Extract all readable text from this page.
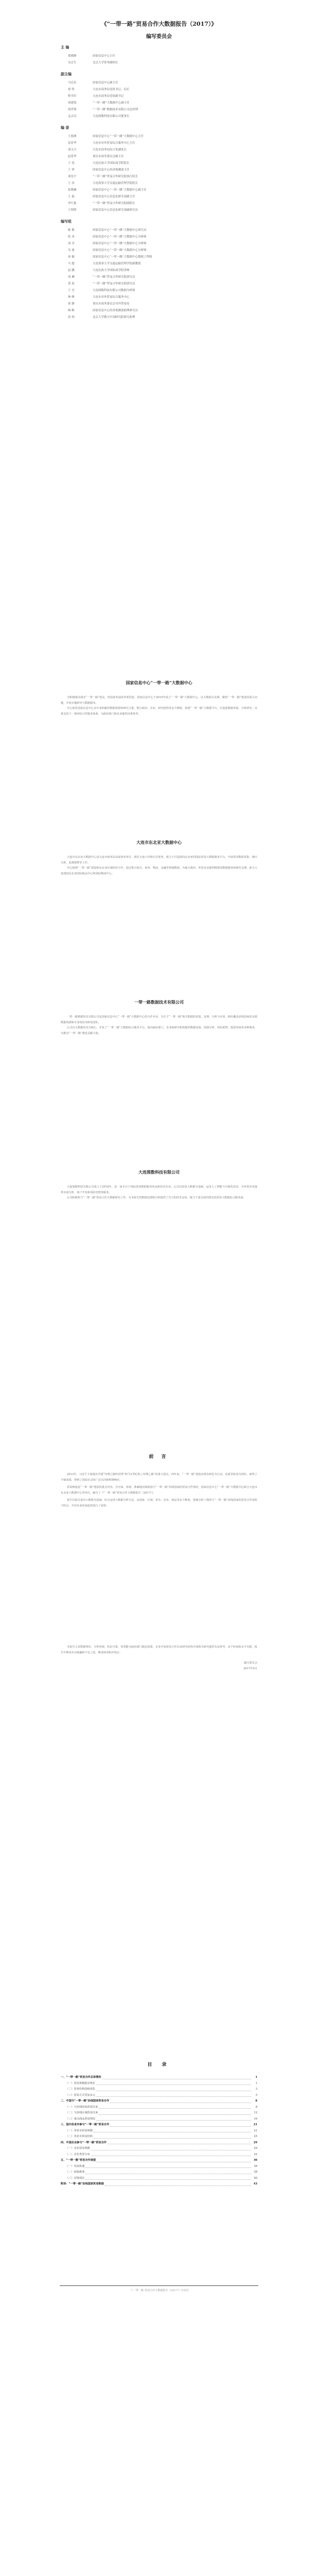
《“一带一路”贸易合作大数据报告（2017）》
编写委员会
主 编
郑晓静	国家信息中心主任
吴京生	北京大学常务副校长
副主编
马庆乐	国家信息中心副主任
梁 铁	大连市商务局党组书记、局长
程书军	大连市商务局党组副书记
周建海	“一带一路”大数据中心副主任
周世锋	“一带一路”数据技术有限公司总经理
孟太昌	大连图数科技有限公司董事长
编 委
王德洲	国家信息中心“一带一路”大数据中心主任
雷亚华	大连市对外贸易综合服务中心主任
刘文兴	大连市商务局综合处副处长
赵爱华	重庆市商务委员会副主任
于 泓	大连民族大学国际商学院院长
王 铎	国家信息中心经济预测部主任
刘星宇	“一带一路”贸易合作研究院执行院长
王 涛	大连海事大学交通运输管理学院院长
张晓楠	国家信息中心“一带一路”大数据中心副主任
王 磊	国家信息中心信息化研究部副主任
李红艳	“一带一路”贸易合作研究院副院长
王明明	国家信息中心信息化研究部副研究员
编写组
陈 敏	国家信息中心“一带一路”大数据中心研究员
张 涛	国家信息中心“一带一路”大数据中心分析师
刘 洋	国家信息中心“一带一路”大数据中心分析师
吴 迪	国家信息中心“一带一路”大数据中心分析师
孙 颖	国家信息中心“一带一路”大数据中心数据工程师
马 超	大连海事大学交通运输管理学院副教授
赵 鹏	大连民族大学国际商学院讲师
周 琳	“一带一路”贸易合作研究院研究员
黄 晨	“一带一路”贸易合作研究院研究员
王 亮	大连图数科技有限公司数据分析师
林 峰	大连市对外贸易综合服务中心
徐 静	重庆市商务委员会对外贸易处
杨 帆	国家信息中心经济预测部助理研究员
高 扬	北京大学数字中国研究院研究助理
国家信息中心“一带一路”大数据中心
为积极推动落实“一带一路”倡议，经国家发展改革委同意，国家信息中心于2015年成立“一带一路”大数据中心，以大数据为支撑，聚焦“一带一路”建设的重大问题，开展专题研究与数据服务。
中心依托国家信息中心多年来积累的数据资源和研究力量，整合政府、企业、研究机构等多方数据，构建“一带一路”大数据平台，打造集数据采集、分析研究、决策支持于一体的综合性服务体系，为政府部门和企业提供决策参考。
大连市东北亚大数据中心
大连市东北亚大数据中心是大连市商务局直属事业单位，依托大连口岸和区位优势，致力于打造面向东北亚的国际贸易大数据服务平台，开展贸易数据采集、统计分析、监测预警等工作。
中心围绕“一带一路”建设和东北亚区域经济合作，通过整合海关、商务、物流、金融等领域数据，为地方政府、外贸企业提供精准的数据服务和研究支撑，助力大连建设东北亚国际航运中心和国际物流中心。
一带一路数据技术有限公司
一带一路数据技术有限公司是国家信息中心“一带一路”大数据中心的合作企业，专注于“一带一路”相关数据的采集、处理、分析与应用，拥有覆盖沿线国家的多源数据资源和专业的技术研发团队。
公司以大数据技术为核心，开发了“一带一路”大数据综合服务平台，面向政府部门、企业和研究机构提供数据查询、国别分析、风险预警、投资咨询等多种服务，为推动“一带一路”建设贡献力量。
大连图数科技有限公司
大连图数科技有限公司成立于2016年，是一家专注于国际贸易数据服务的高新技术企业。公司以贸易大数据为基础，运用人工智能与可视化技术，为外贸企业提供市场分析、客户开发和风险管理等服务。
公司积极参与“一带一路”贸易合作大数据研究工作，为本报告的数据处理和分析提供了有力的技术支持，致力于成为国内领先的贸易大数据综合服务商。
前 言
2013年，习近平主席提出共建“丝绸之路经济带”和“21世纪海上丝绸之路”的重大倡议。四年来，“一带一路”建设从理念转化为行动，从愿景转变为现实，取得了丰硕成果，得到了国际社会的广泛认同和积极响应。
贸易畅通是“一带一路”建设的重点内容。为全面、客观、准确地反映我国与“一带一路”沿线国家的贸易合作情况，国家信息中心“一带一路”大数据中心联合大连市东北亚大数据中心等单位，编写了《“一带一路”贸易合作大数据报告（2017）》。
报告以海关进出口数据为基础，综合运用大数据分析方法，从国家、区域、省市、企业、商品等多个维度，系统分析了我国与“一带一路”沿线国家的贸易合作现状与特点，并对未来发展趋势进行了展望。
本报告力求数据翔实、分析客观、结论可靠，希望能为政府部门制定政策、企业开展贸易合作以及研究机构开展相关研究提供有益参考。由于时间和水平有限，报告中难免存在疏漏和不足之处，敬请读者批评指正。
编写委员会
2017年5月
目 录
一、“一带一路”贸易合作总体情况	1
（一）贸易规模稳步增长	1
（二）贸易结构持续优化	3
（三）贸易方式更加多元	5
二、中国与“一带一路”沿线国家贸易合作	8
（一）与沿线国家贸易往来	8
（二）与沿线区域贸易往来	12
（三）重点商品贸易情况	16
三、国内各省市参与“一带一路”贸易合作	21
（一）各省市贸易规模	21
（二）各省市贸易结构	25
四、中国企业参与“一带一路”贸易合作	29
（一）企业贸易规模	29
（二）企业类型分布	32
五、“一带一路”贸易合作展望	36
（一）发展机遇	36
（二）面临挑战	38
（三）对策建议	40
附录：“一带一路”沿线国家贸易数据	43
《“一带一路”贸易合作大数据报告（2017）》目录页
